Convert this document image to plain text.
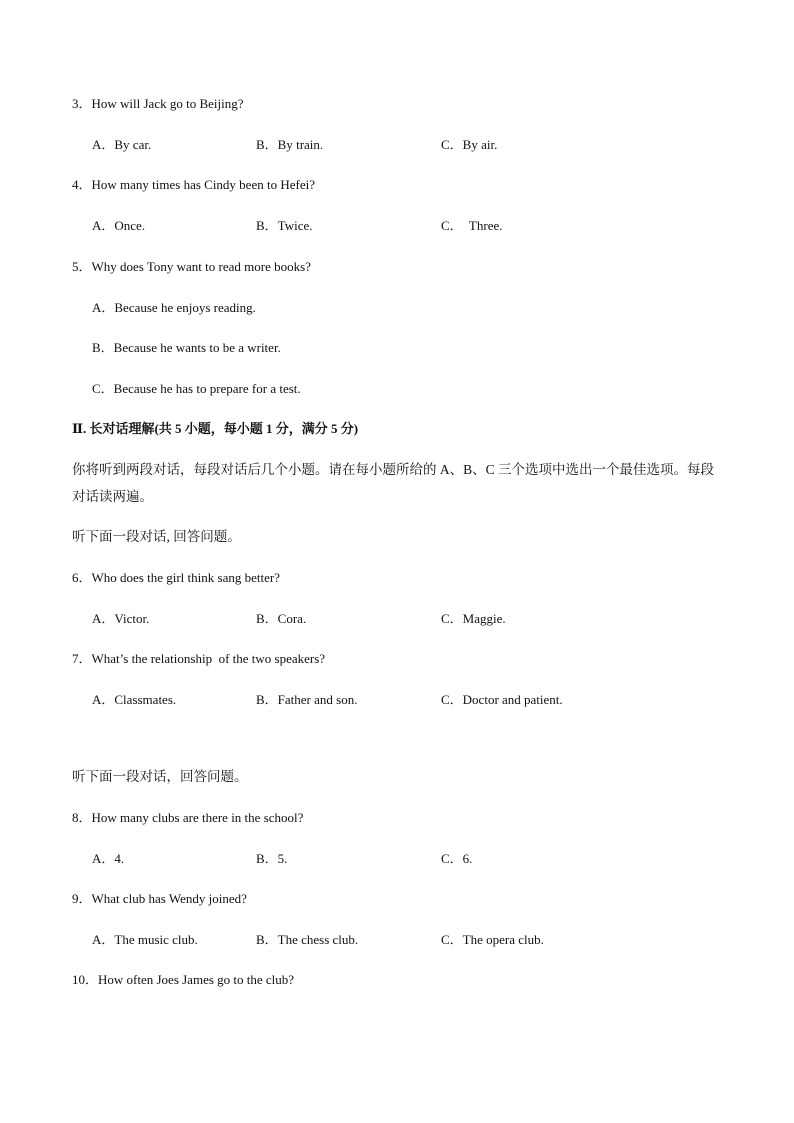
3．How will Jack go to Beijing?
A．By car.	B．By train.	C．By air.
4．How many times has Cindy been to Hefei?
A．Once.	B．Twice.	C．  Three.
5．Why does Tony want to read more books?
A．Because he enjoys reading.
B．Because he wants to be a writer.
C．Because he has to prepare for a test.
Ⅱ. 长对话理解(共 5 小题，每小题 1 分，满分 5 分)
你将听到两段对话，每段对话后几个小题。请在每小题所给的 A、B、C 三个选项中选出一个最佳选项。每段对话读两遍。
听下面一段对话, 回答问题。
6．Who does the girl think sang better?
A．Victor.	B．Cora.	C．Maggie.
7．What’s the relationship  of the two speakers?
A．Classmates.	B．Father and son.	C．Doctor and patient.
听下面一段对话，回答问题。
8．How many clubs are there in the school?
A．4.	B．5.	C．6.
9．What club has Wendy joined?
A．The music club.	B．The chess club.	C．The opera club.
10．How often Joes James go to the club?
